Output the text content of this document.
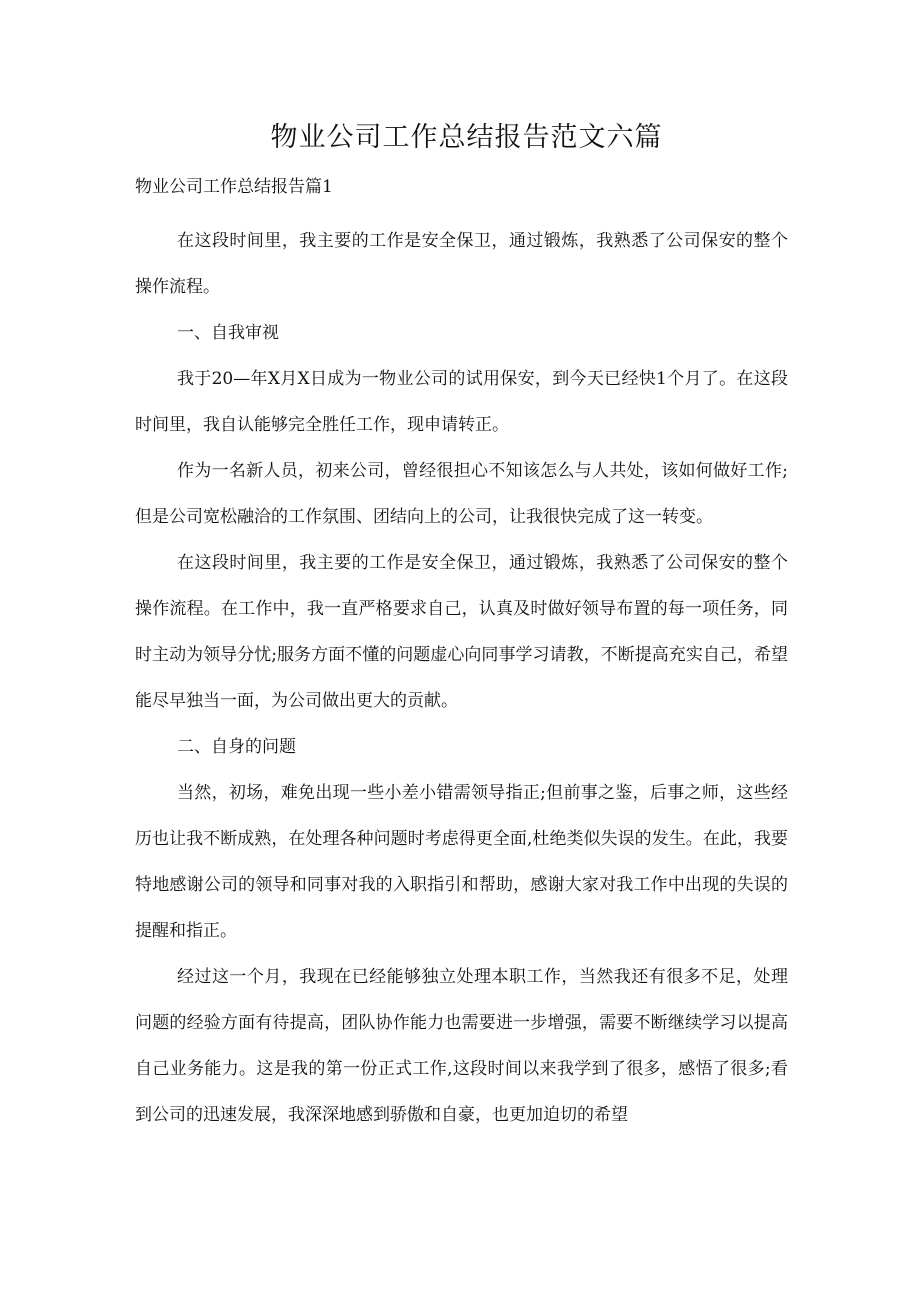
物业公司工作总结报告范文六篇
物业公司工作总结报告篇1

在这段时间里，我主要的工作是安全保卫，通过锻炼，我熟悉了公司保安的整个操作流程。

一、自我审视

我于20—年X月X日成为一物业公司的试用保安，到今天已经快1个月了。在这段时间里，我自认能够完全胜任工作，现申请转正。

作为一名新人员，初来公司，曾经很担心不知该怎么与人共处，该如何做好工作;但是公司宽松融洽的工作氛围、团结向上的公司，让我很快完成了这一转变。

在这段时间里，我主要的工作是安全保卫，通过锻炼，我熟悉了公司保安的整个操作流程。在工作中，我一直严格要求自己，认真及时做好领导布置的每一项任务，同时主动为领导分忧;服务方面不懂的问题虚心向同事学习请教，不断提高充实自己，希望能尽早独当一面，为公司做出更大的贡献。

二、自身的问题

当然，初场，难免出现一些小差小错需领导指正;但前事之鉴，后事之师，这些经历也让我不断成熟，在处理各种问题时考虑得更全面,杜绝类似失误的发生。在此，我要特地感谢公司的领导和同事对我的入职指引和帮助，感谢大家对我工作中出现的失误的提醒和指正。

经过这一个月，我现在已经能够独立处理本职工作，当然我还有很多不足，处理问题的经验方面有待提高，团队协作能力也需要进一步增强，需要不断继续学习以提高自己业务能力。这是我的第一份正式工作,这段时间以来我学到了很多，感悟了很多;看到公司的迅速发展，我深深地感到骄傲和自豪，也更加迫切的希望
